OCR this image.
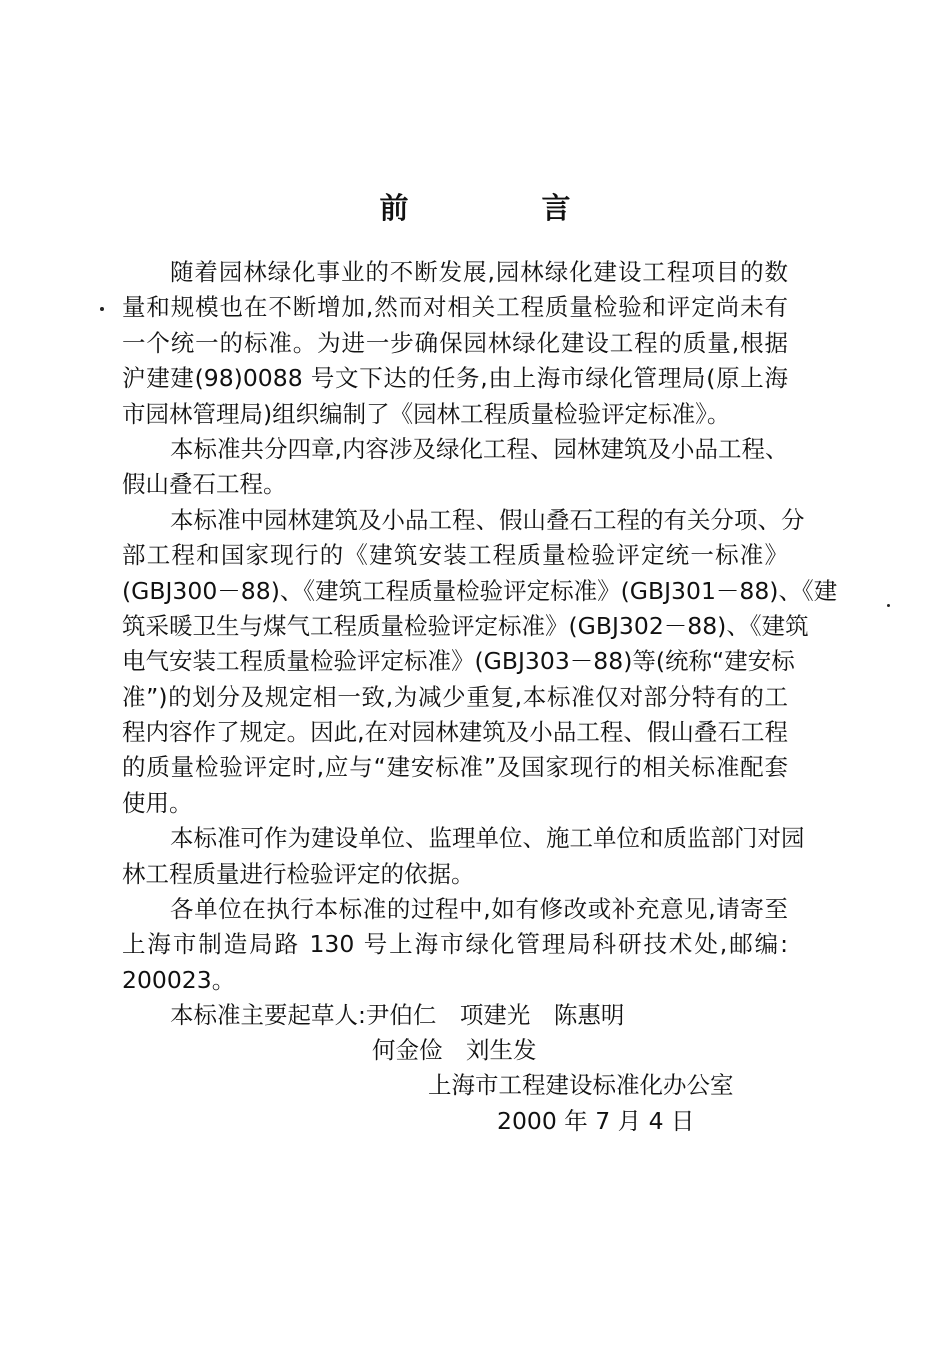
前　言
随着园林绿化事业的不断发展,园林绿化建设工程项目的数
量和规模也在不断增加,然而对相关工程质量检验和评定尚未有
一个统一的标准。为进一步确保园林绿化建设工程的质量,根据
沪建建(98)0088 号文下达的任务,由上海市绿化管理局(原上海
市园林管理局)组织编制了《园林工程质量检验评定标准》。
本标准共分四章,内容涉及绿化工程、园林建筑及小品工程、
假山叠石工程。
本标准中园林建筑及小品工程、假山叠石工程的有关分项、分
部工程和国家现行的《建筑安装工程质量检验评定统一标准》
(GBJ300－88)、《建筑工程质量检验评定标准》(GBJ301－88)、《建
筑采暖卫生与煤气工程质量检验评定标准》(GBJ302－88)、《建筑
电气安装工程质量检验评定标准》(GBJ303－88)等(统称“建安标
准”)的划分及规定相一致,为减少重复,本标准仅对部分特有的工
程内容作了规定。因此,在对园林建筑及小品工程、假山叠石工程
的质量检验评定时,应与“建安标准”及国家现行的相关标准配套
使用。
本标准可作为建设单位、监理单位、施工单位和质监部门对园
林工程质量进行检验评定的依据。
各单位在执行本标准的过程中,如有修改或补充意见,请寄至
上海市制造局路 130 号上海市绿化管理局科研技术处,邮编:
200023。
本标准主要起草人:尹伯仁　项建光　陈惠明
何金俭　刘生发
上海市工程建设标准化办公室
2000 年 7 月 4 日
